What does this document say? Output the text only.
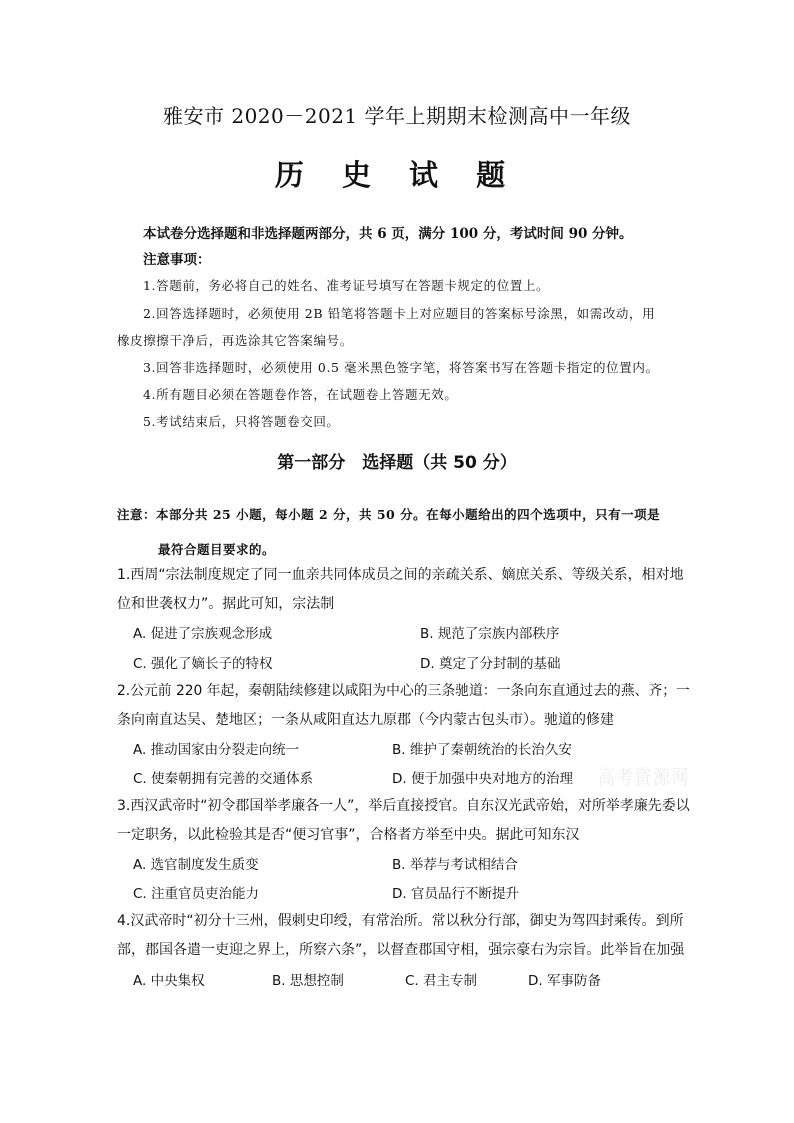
雅安市 2020－2021 学年上期期末检测高中一年级
历 史 试 题
本试卷分选择题和非选择题两部分，共 6 页，满分 100 分，考试时间 90 分钟。
注意事项：
1.答题前，务必将自己的姓名、准考证号填写在答题卡规定的位置上。
2.回答选择题时，必须使用 2B 铅笔将答题卡上对应题目的答案标号涂黑，如需改动，用
橡皮擦擦干净后，再选涂其它答案编号。
3.回答非选择题时，必须使用 0.5 毫米黑色签字笔，将答案书写在答题卡指定的位置内。
4.所有题目必须在答题卷作答，在试题卷上答题无效。
5.考试结束后，只将答题卷交回。
第一部分　选择题（共 50 分）
注意：本部分共 25 小题，每小题 2 分，共 50 分。在每小题给出的四个选项中，只有一项是
最符合题目要求的。
1.西周“宗法制度规定了同一血亲共同体成员之间的亲疏关系、嫡庶关系、等级关系，相对地
位和世袭权力”。据此可知，宗法制
A. 促进了宗族观念形成	B. 规范了宗族内部秩序
C. 强化了嫡长子的特权	D. 奠定了分封制的基础
2.公元前 220 年起，秦朝陆续修建以咸阳为中心的三条驰道：一条向东直通过去的燕、齐；一
条向南直达吴、楚地区；一条从咸阳直达九原郡（今内蒙古包头市）。驰道的修建
A. 推动国家由分裂走向统一	B. 维护了秦朝统治的长治久安
C. 使秦朝拥有完善的交通体系	D. 便于加强中央对地方的治理 高考资源网
3.西汉武帝时“初令郡国举孝廉各一人”，举后直接授官。自东汉光武帝始，对所举孝廉先委以
一定职务，以此检验其是否“便习官事”，合格者方举至中央。据此可知东汉
A. 选官制度发生质变	B. 举荐与考试相结合
C. 注重官员吏治能力	D. 官员品行不断提升
4.汉武帝时“初分十三州，假刺史印绶，有常治所。常以秋分行部，御史为驾四封乘传。到所
部，郡国各遣一吏迎之界上，所察六条”，以督查郡国守相，强宗豪右为宗旨。此举旨在加强
A. 中央集权	B. 思想控制	C. 君主专制	D. 军事防备
